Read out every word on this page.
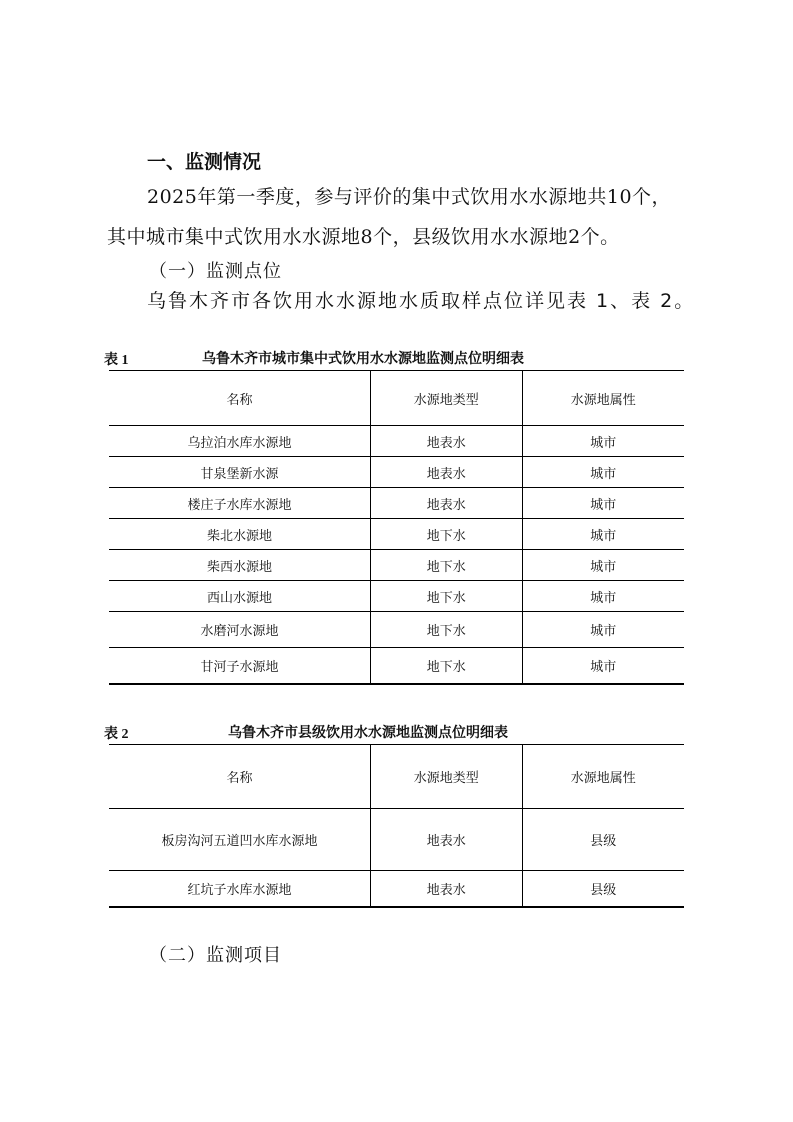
一、监测情况
2025年第一季度，参与评价的集中式饮用水水源地共10个，
其中城市集中式饮用水水源地8个，县级饮用水水源地2个。
（一）监测点位
乌鲁木齐市各饮用水水源地水质取样点位详见表 1、表 2。
表 1	乌鲁木齐市城市集中式饮用水水源地监测点位明细表
名称	水源地类型	水源地属性
乌拉泊水库水源地	地表水	城市
甘泉堡新水源	地表水	城市
楼庄子水库水源地	地表水	城市
柴北水源地	地下水	城市
柴西水源地	地下水	城市
西山水源地	地下水	城市
水磨河水源地	地下水	城市
甘河子水源地	地下水	城市
表 2	乌鲁木齐市县级饮用水水源地监测点位明细表
名称	水源地类型	水源地属性
板房沟河五道凹水库水源地	地表水	县级
红坑子水库水源地	地表水	县级
（二）监测项目
